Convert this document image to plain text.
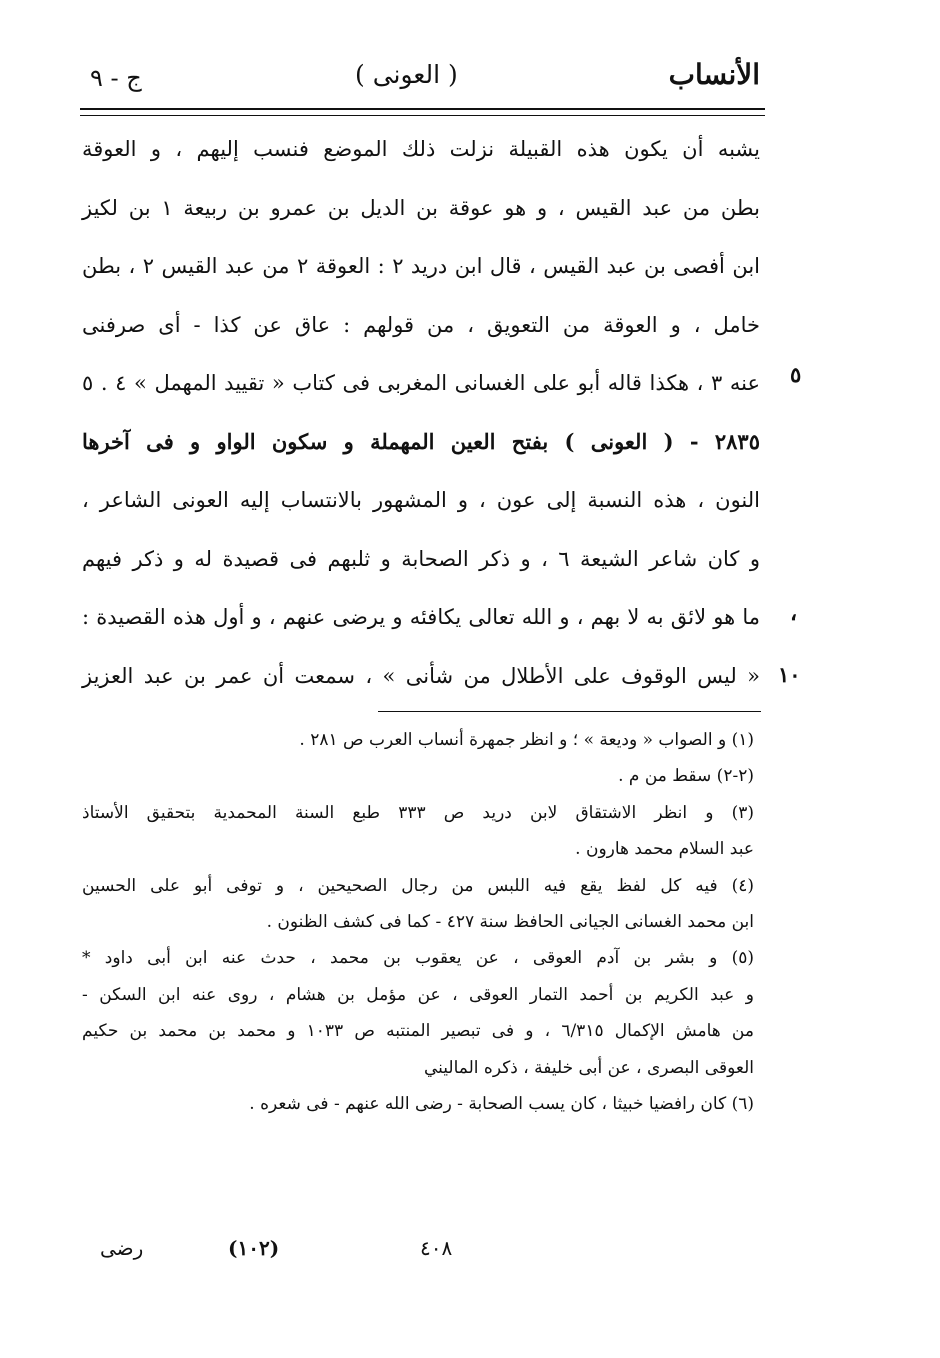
الأنساب
( العونى )
ج - ٩
يشبه أن يكون هذه القبيلة نزلت ذلك الموضع فنسب إليهم ، و العوقة
بطن من عبد القيس ، و هو عوقة بن الديل بن عمرو بن ربيعة ١ بن لكيز
ابن أفصى بن عبد القيس ، قال ابن دريد ٢ : العوقة ٢ من عبد القيس ٢ ، بطن
خامل ، و العوقة من التعويق ، من قولهم : عاق عن كذا - أى صرفنى
عنه ٣ ، هكذا قاله أبو على الغسانى المغربى فى كتاب « تقييد المهمل » ٤ . ٥
٢٨٣٥ - ( العونى ) بفتح العين المهملة و سكون الواو و فى آخرها
النون ، هذه النسبة إلى عون ، و المشهور بالانتساب إليه العونى الشاعر ،
و كان شاعر الشيعة ٦ ، و ذكر الصحابة و ثلبهم فى قصيدة له و ذكر فيهم
ما هو لائق به لا بهم ، و الله تعالى يكافئه و يرضى عنهم ، و أول هذه القصيدة :
« ليس الوقوف على الأطلال من شأنى » ، سمعت أن عمر بن عبد العزيز
٥
،
١٠
(١) و الصواب « وديعة » ؛ و انظر جمهرة أنساب العرب ص ٢٨١ .
(٢-٢) سقط من م .
(٣) و انظر الاشتقاق لابن دريد ص ٣٣٣ طبع السنة المحمدية بتحقيق الأستاذ
عبد السلام محمد هارون .
(٤) فيه كل لفظ يقع فيه اللبس من رجال الصحيحين ، و توفى أبو على الحسين
ابن محمد الغسانى الجيانى الحافظ سنة ٤٢٧ - كما فى كشف الظنون .
(٥) و بشر بن آدم العوقى ، عن يعقوب بن محمد ، حدث عنه ابن أبى داود *
و عبد الكريم بن أحمد التمار العوقى ، عن مؤمل بن هشام ، روى عنه ابن السكن -
من هامش الإكمال ٦/٣١٥ ، و فى تبصير المنتبه ص ١٠٣٣ و محمد بن محمد بن حكيم
العوقى البصرى ، عن أبى خليفة ، ذكره الماليني
(٦) كان رافضيا خبيثا ، كان يسب الصحابة - رضى الله عنهم - فى شعره .
٤٠٨
(١٠٢)
رضى
